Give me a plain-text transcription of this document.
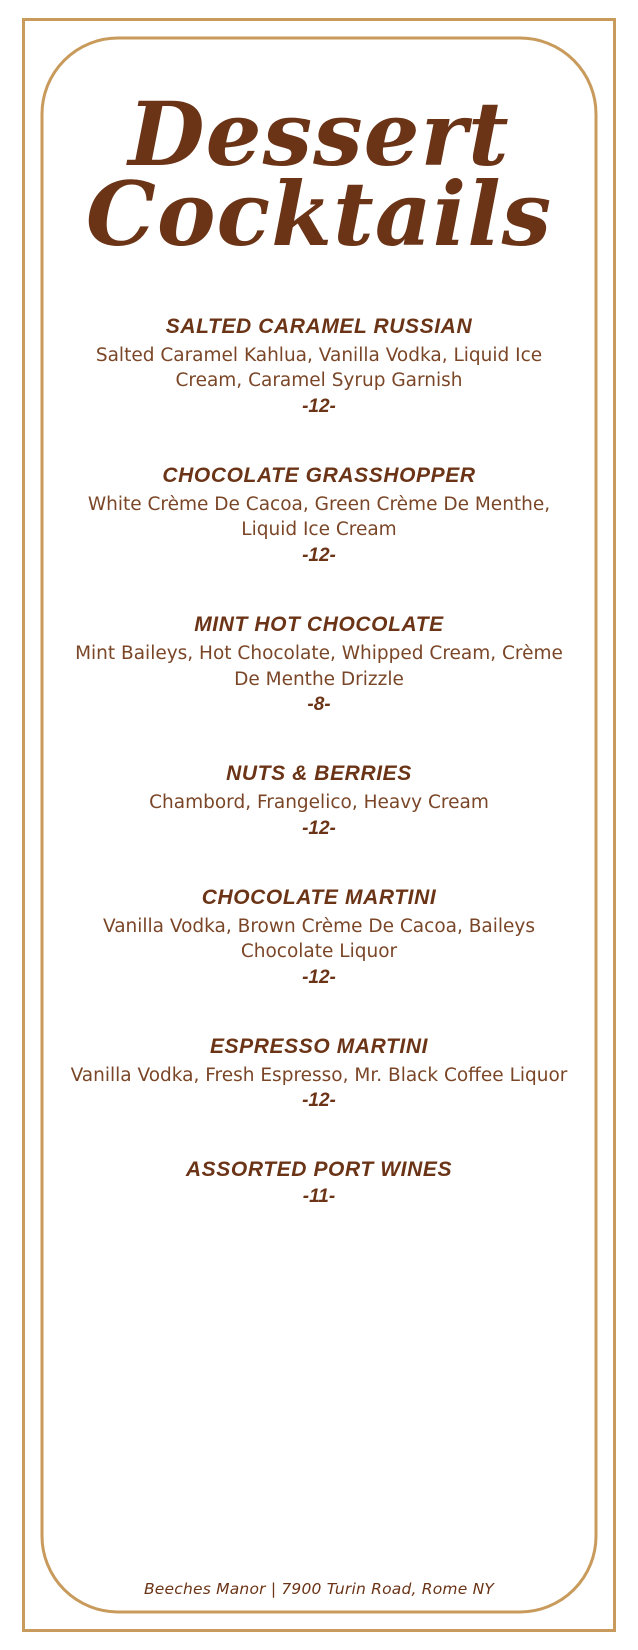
Dessert
Cocktails
SALTED CARAMEL RUSSIAN
Salted Caramel Kahlua, Vanilla Vodka, Liquid Ice Cream, Caramel Syrup Garnish
-12-
CHOCOLATE GRASSHOPPER
White Crème De Cacoa, Green Crème De Menthe, Liquid Ice Cream
-12-
MINT HOT CHOCOLATE
Mint Baileys, Hot Chocolate, Whipped Cream, Crème De Menthe Drizzle
-8-
NUTS & BERRIES
Chambord, Frangelico, Heavy Cream
-12-
CHOCOLATE MARTINI
Vanilla Vodka, Brown Crème De Cacoa, Baileys Chocolate Liquor
-12-
ESPRESSO MARTINI
Vanilla Vodka, Fresh Espresso, Mr. Black Coffee Liquor
-12-
ASSORTED PORT WINES
-11-
Beeches Manor | 7900 Turin Road, Rome NY
